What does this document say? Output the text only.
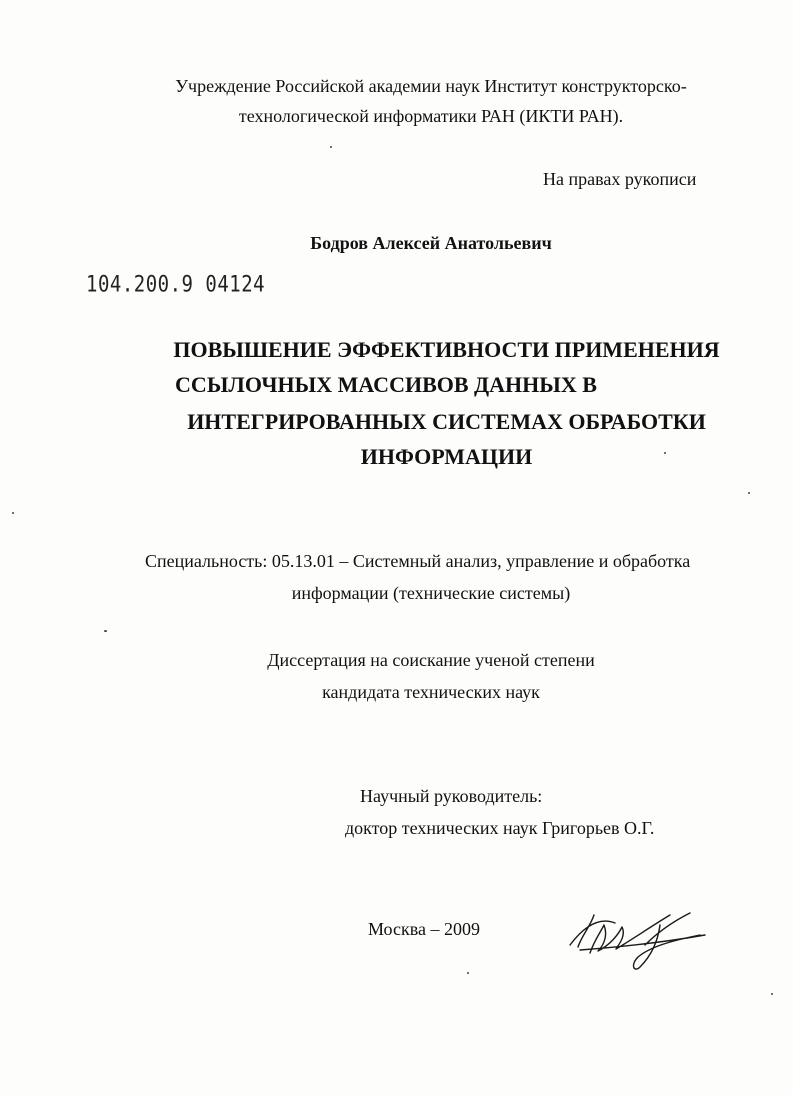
Учреждение Российской академии наук Институт конструкторско-
технологической информатики РАН (ИКТИ РАН).
На правах рукописи
Бодров Алексей Анатольевич
104.200.9 04124
ПОВЫШЕНИЕ ЭФФЕКТИВНОСТИ ПРИМЕНЕНИЯ
ССЫЛОЧНЫХ МАССИВОВ ДАННЫХ В
ИНТЕГРИРОВАННЫХ СИСТЕМАХ ОБРАБОТКИ
ИНФОРМАЦИИ
Специальность: 05.13.01 – Системный анализ, управление и обработка
информации (технические системы)
Диссертация на соискание ученой степени
кандидата технических наук
Научный руководитель:
доктор технических наук Григорьев О.Г.
Москва – 2009
